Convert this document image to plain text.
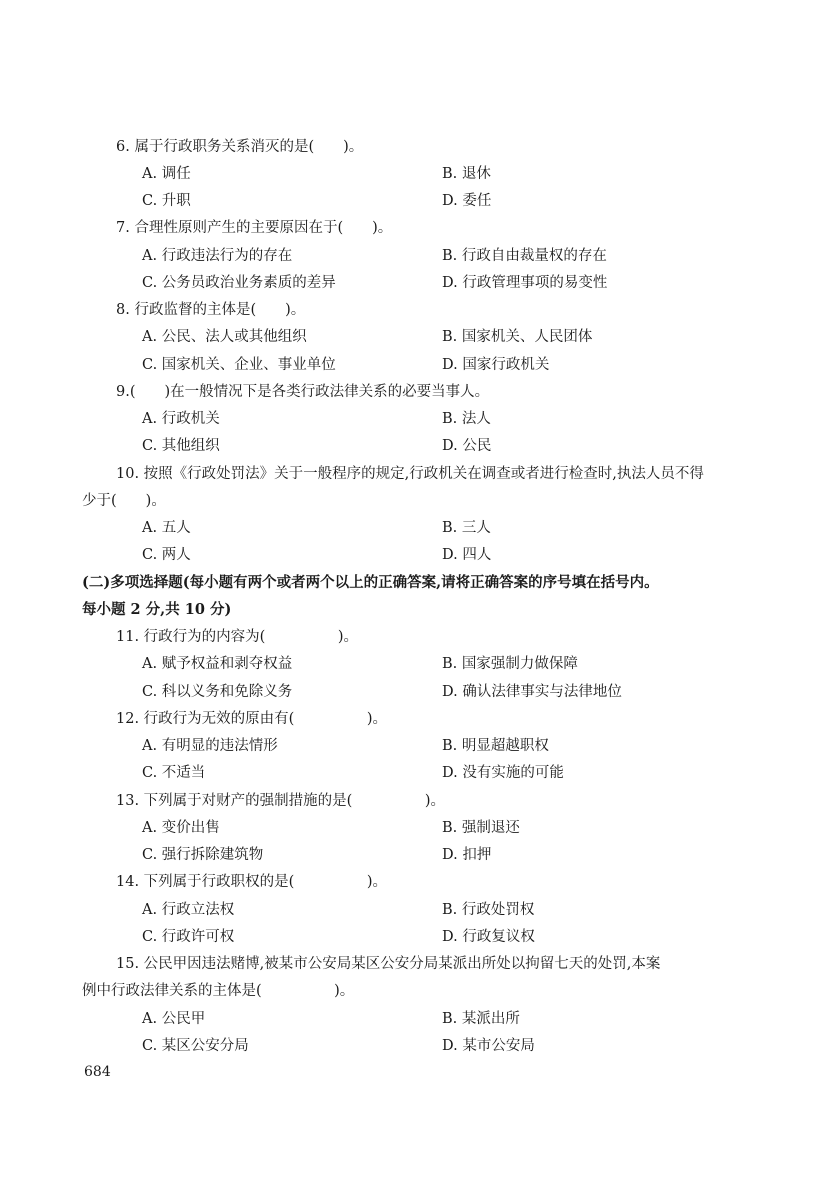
6. 属于行政职务关系消灭的是(　　)。
A. 调任	B. 退休
C. 升职	D. 委任
7. 合理性原则产生的主要原因在于(　　)。
A. 行政违法行为的存在	B. 行政自由裁量权的存在
C. 公务员政治业务素质的差异	D. 行政管理事项的易变性
8. 行政监督的主体是(　　)。
A. 公民、法人或其他组织	B. 国家机关、人民团体
C. 国家机关、企业、事业单位	D. 国家行政机关
9.(　　)在一般情况下是各类行政法律关系的必要当事人。
A. 行政机关	B. 法人
C. 其他组织	D. 公民
10. 按照《行政处罚法》关于一般程序的规定,行政机关在调查或者进行检查时,执法人员不得
少于(　　)。
A. 五人	B. 三人
C. 两人	D. 四人
(二)多项选择题(每小题有两个或者两个以上的正确答案,请将正确答案的序号填在括号内。
每小题 2 分,共 10 分)
11. 行政行为的内容为(　　　　　)。
A. 赋予权益和剥夺权益	B. 国家强制力做保障
C. 科以义务和免除义务	D. 确认法律事实与法律地位
12. 行政行为无效的原由有(　　　　　)。
A. 有明显的违法情形	B. 明显超越职权
C. 不适当	D. 没有实施的可能
13. 下列属于对财产的强制措施的是(　　　　　)。
A. 变价出售	B. 强制退还
C. 强行拆除建筑物	D. 扣押
14. 下列属于行政职权的是(　　　　　)。
A. 行政立法权	B. 行政处罚权
C. 行政许可权	D. 行政复议权
15. 公民甲因违法赌博,被某市公安局某区公安分局某派出所处以拘留七天的处罚,本案
例中行政法律关系的主体是(　　　　　)。
A. 公民甲	B. 某派出所
C. 某区公安分局	D. 某市公安局
684
